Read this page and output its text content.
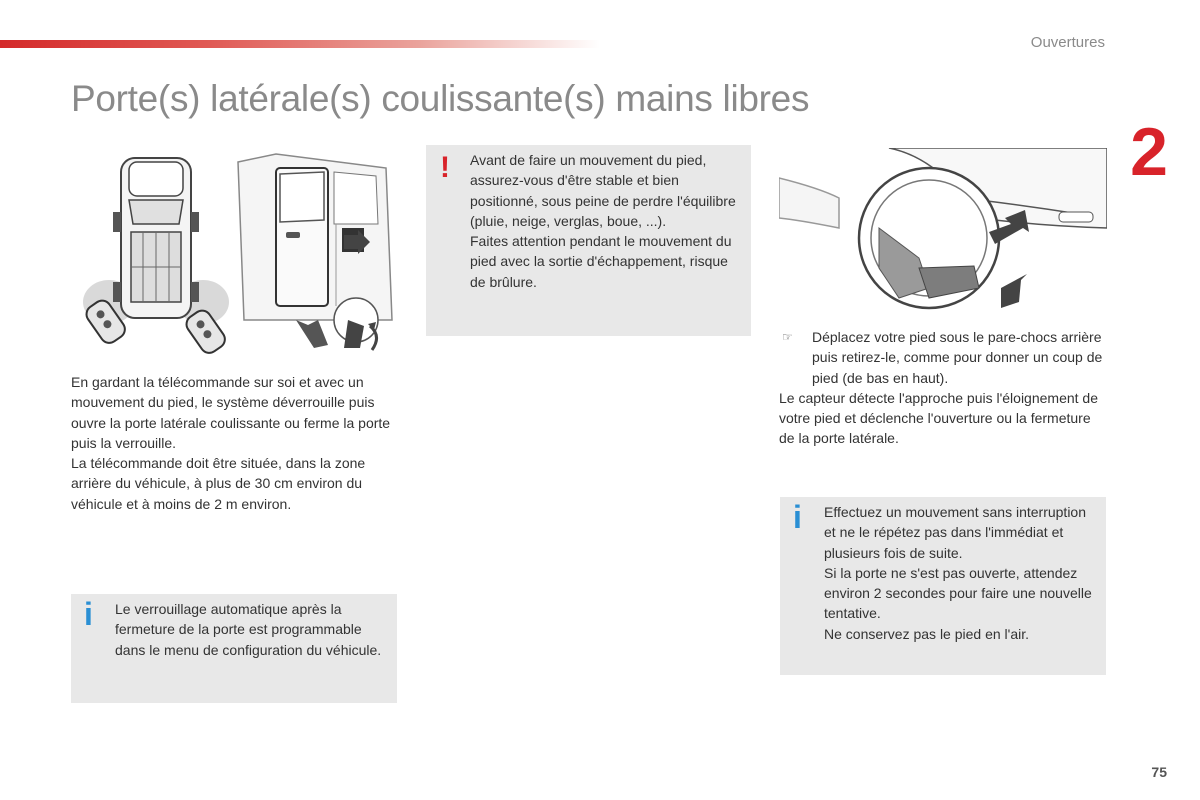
Ouvertures
2
Porte(s) latérale(s) coulissante(s) mains libres

En gardant la télécommande sur soi et avec un mouvement du pied, le système déverrouille puis ouvre la porte latérale coulissante ou ferme la porte puis la verrouille.

La télécommande doit être située, dans la zone arrière du véhicule, à plus de 30 cm environ du véhicule et à moins de 2 m environ.

! Avant de faire un mouvement du pied, assurez-vous d'être stable et bien positionné, sous peine de perdre l'équilibre (pluie, neige, verglas, boue, ...).

Faites attention pendant le mouvement du pied avec la sortie d'échappement, risque de brûlure.

i Le verrouillage automatique après la fermeture de la porte est programmable dans le menu de configuration du véhicule.

☞	Déplacez votre pied sous le pare-chocs arrière puis retirez-le, comme pour donner un coup de pied (de bas en haut).

Le capteur détecte l'approche puis l'éloignement de votre pied et déclenche l'ouverture ou la fermeture de la porte latérale.

i Effectuez un mouvement sans interruption et ne le répétez pas dans l'immédiat et plusieurs fois de suite.

Si la porte ne s'est pas ouverte, attendez environ 2 secondes pour faire une nouvelle tentative.

Ne conservez pas le pied en l'air.

75
